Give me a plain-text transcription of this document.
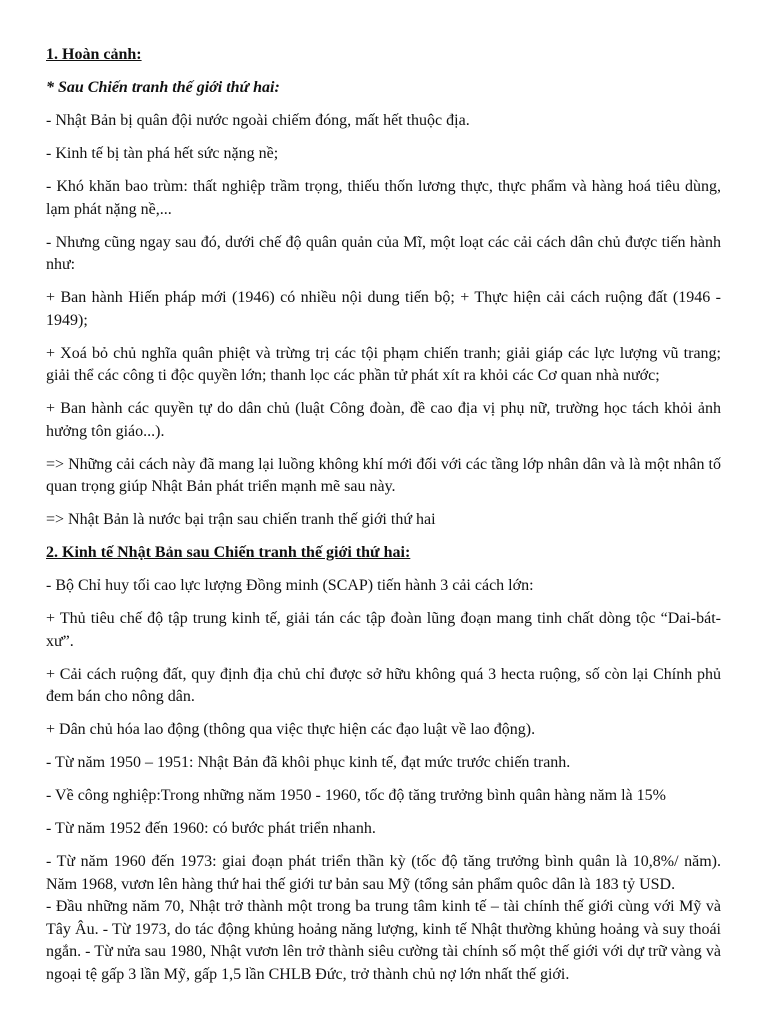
1. Hoàn cảnh:

* Sau Chiến tranh thế giới thứ hai:

- Nhật Bản bị quân đội nước ngoài chiếm đóng, mất hết thuộc địa.

- Kinh tế bị tàn phá hết sức nặng nề;

- Khó khăn bao trùm: thất nghiệp trầm trọng, thiếu thốn lương thực, thực phẩm và hàng hoá tiêu dùng, lạm phát nặng nề,...

- Nhưng cũng ngay sau đó, dưới chế độ quân quản của Mĩ, một loạt các cải cách dân chủ được tiến hành như:

+ Ban hành Hiến pháp mới (1946) có nhiều nội dung tiến bộ; + Thực hiện cải cách ruộng đất (1946 - 1949);

+ Xoá bỏ chủ nghĩa quân phiệt và trừng trị các tội phạm chiến tranh; giải giáp các lực lượng vũ trang; giải thể các công ti độc quyền lớn; thanh lọc các phần tử phát xít ra khỏi các Cơ quan nhà nước;

+ Ban hành các quyền tự do dân chủ (luật Công đoàn, đề cao địa vị phụ nữ, trường học tách khỏi ảnh hưởng tôn giáo...).

=> Những cải cách này đã mang lại luồng không khí mới đối với các tầng lớp nhân dân và là một nhân tố quan trọng giúp Nhật Bản phát triển mạnh mẽ sau này.

=> Nhật Bản là nước bại trận sau chiến tranh thế giới thứ hai

2. Kinh tế Nhật Bản sau Chiến tranh thế giới thứ hai:

- Bộ Chỉ huy tối cao lực lượng Đồng minh (SCAP) tiến hành 3 cải cách lớn:

+ Thủ tiêu chế độ tập trung kinh tế, giải tán các tập đoàn lũng đoạn mang tinh chất dòng tộc “Dai-bát-xư”.

+ Cải cách ruộng đất, quy định địa chủ chỉ được sở hữu không quá 3 hecta ruộng, số còn lại Chính phủ đem bán cho nông dân.

+ Dân chủ hóa lao động (thông qua việc thực hiện các đạo luật về lao động).

- Từ năm 1950 – 1951: Nhật Bản đã khôi phục kinh tế, đạt mức trước chiến tranh.

- Về công nghiệp:Trong những năm 1950 - 1960, tốc độ tăng trưởng bình quân hàng năm là 15%

- Từ năm 1952 đến 1960: có bước phát triển nhanh.

- Từ năm 1960 đến 1973: giai đoạn phát triển thần kỳ (tốc độ tăng trưởng bình quân là 10,8%/ năm). Năm 1968, vươn lên hàng thứ hai thế giới tư bản sau Mỹ (tổng sản phẩm quôc dân là 183 tỷ USD.

- Đầu những năm 70, Nhật trở thành một trong ba trung tâm kinh tế – tài chính thế giới cùng với Mỹ và Tây Âu. - Từ 1973, do tác động khủng hoảng năng lượng, kinh tế Nhật thường khủng hoảng và suy thoái ngắn. - Từ nửa sau 1980, Nhật vươn lên trở thành siêu cường tài chính số một thế giới với dự trữ vàng và ngoại tệ gấp 3 lần Mỹ, gấp 1,5 lần CHLB Đức, trở thành chủ nợ lớn nhất thế giới.
